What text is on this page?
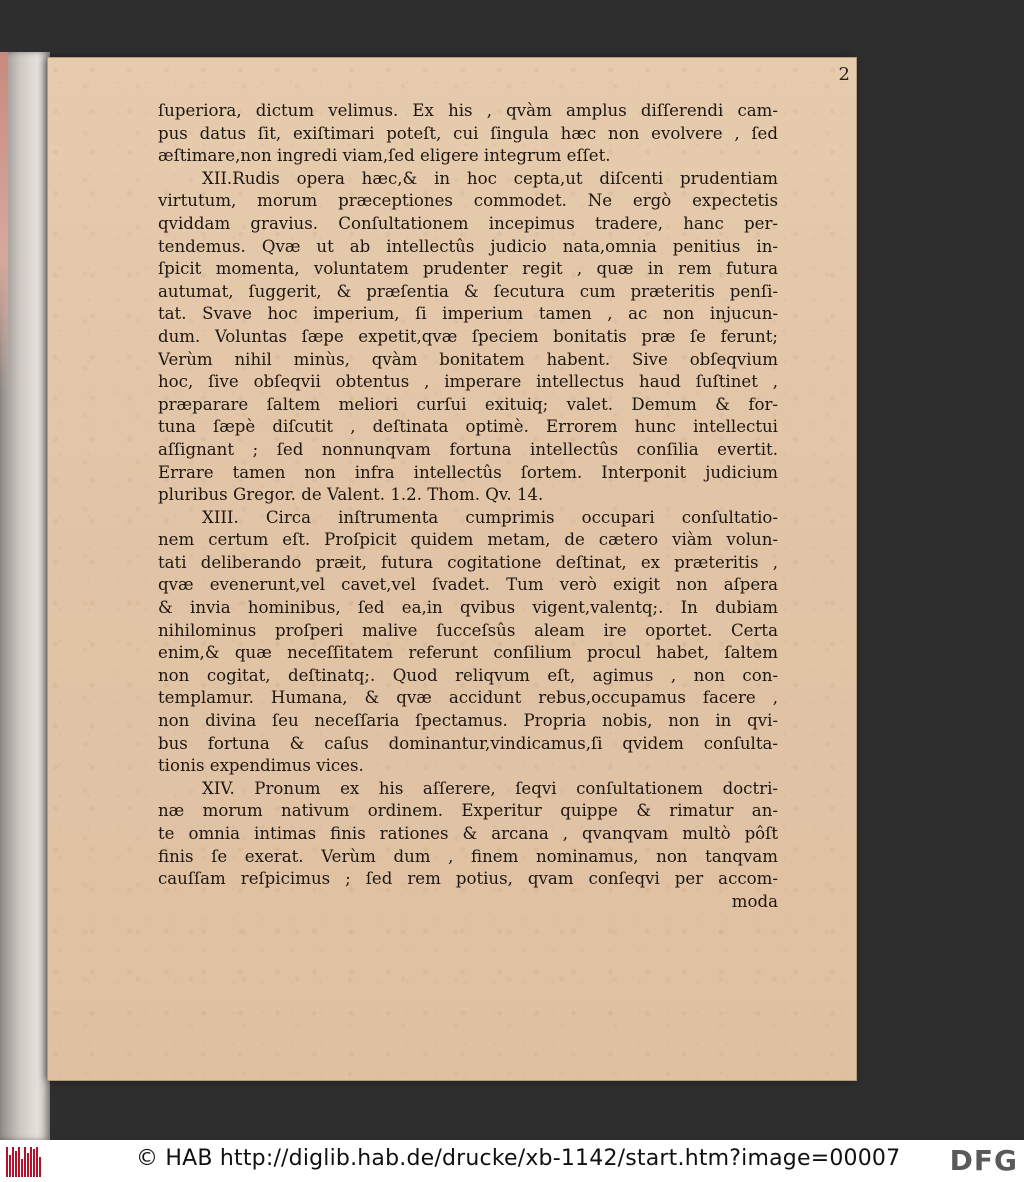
2
ſuperiora, dictum velimus. Ex his , qvàm amplus diſſerendi cam-
pus datus ſit, exiſtimari poteſt, cui ſingula hæc non evolvere , ſed
æſtimare,non ingredi viam,ſed eligere integrum eſſet.
XII.Rudis opera hæc,& in hoc cepta,ut diſcenti prudentiam
virtutum, morum præceptiones commodet. Ne ergò expectetis
qviddam gravius. Conſultationem incepimus tradere, hanc per-
tendemus. Qvæ ut ab intellectûs judicio nata,omnia penitius in-
ſpicit momenta, voluntatem prudenter regit , quæ in rem futura
autumat, ſuggerit, & præſentia & ſecutura cum præteritis penſi-
tat. Svave hoc imperium, ſi imperium tamen , ac non injucun-
dum. Voluntas ſæpe expetit,qvæ ſpeciem bonitatis præ ſe ferunt;
Verùm nihil minùs, qvàm bonitatem habent. Sive obſeqvium
hoc, ſive obſeqvii obtentus , imperare intellectus haud ſuſtinet ,
præparare ſaltem meliori curſui exituiq; valet. Demum & for-
tuna ſæpè diſcutit , deſtinata optimè. Errorem hunc intellectui
aſſignant ; ſed nonnunqvam fortuna intellectûs conſilia evertit.
Errare tamen non infra intellectûs ſortem. Interponit judicium
pluribus Gregor. de Valent. 1.2. Thom. Qv. 14.
XIII. Circa inſtrumenta cumprimis occupari conſultatio-
nem certum eſt. Proſpicit quidem metam, de cætero viàm volun-
tati deliberando præit, futura cogitatione deſtinat, ex præteritis ,
qvæ evenerunt,vel cavet,vel ſvadet. Tum verò exigit non aſpera
& invia hominibus, ſed ea,in qvibus vigent,valentq;. In dubiam
nihilominus proſperi malive ſucceſsûs aleam ire oportet. Certa
enim,& quæ neceſſitatem referunt conſilium procul habet, ſaltem
non cogitat, deſtinatq;. Quod reliqvum eſt, agimus , non con-
templamur. Humana, & qvæ accidunt rebus,occupamus facere ,
non divina ſeu neceſſaria ſpectamus. Propria nobis, non in qvi-
bus fortuna & caſus dominantur,vindicamus,ſi qvidem conſulta-
tionis expendimus vices.
XIV. Pronum ex his aſſerere, ſeqvi conſultationem doctri-
næ morum nativum ordinem. Experitur quippe & rimatur an-
te omnia intimas finis rationes & arcana , qvanqvam multò pôſt
finis ſe exerat. Verùm dum , finem nominamus, non tanqvam
cauſſam reſpicimus ; ſed rem potius, qvam conſeqvi per accom-
moda
© HAB http://diglib.hab.de/drucke/xb-1142/start.htm?image=00007 DFG
